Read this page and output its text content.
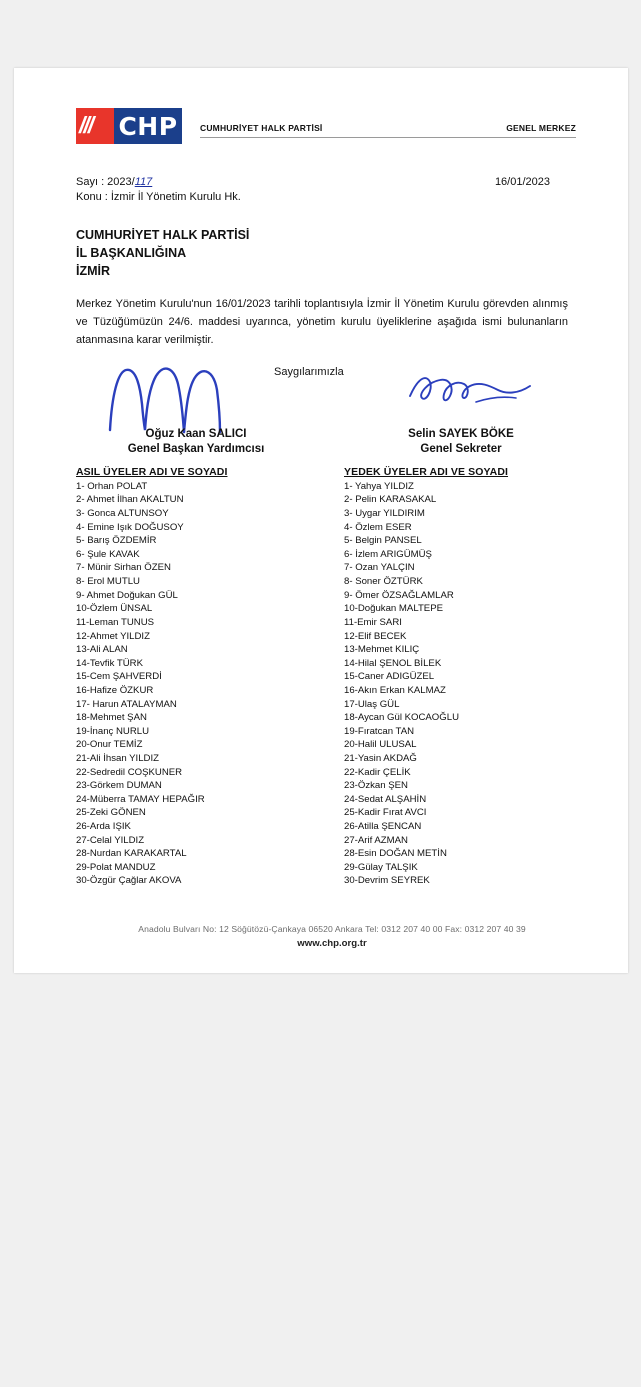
/// CHP	CUMHURİYET HALK PARTİSİ	GENEL MERKEZ
Sayı : 2023/117
Konu : İzmir İl Yönetim Kurulu Hk.
16/01/2023
CUMHURİYET HALK PARTİSİ
İL BAŞKANLIĞINA
İZMİR
Merkez Yönetim Kurulu'nun 16/01/2023 tarihli toplantısıyla İzmir İl Yönetim Kurulu görevden alınmış ve Tüzüğümüzün 24/6. maddesi uyarınca, yönetim kurulu üyeliklerine aşağıda ismi bulunanların atanmasına karar verilmiştir.
Saygılarımızla
Oğuz Kaan SALICI
Genel Başkan Yardımcısı
Selin SAYEK BÖKE
Genel Sekreter
ASIL ÜYELER ADI VE SOYADI
1- Orhan POLAT
2- Ahmet İlhan AKALTUN
3- Gonca ALTUNSOY
4- Emine Işık DOĞUSOY
5- Barış ÖZDEMİR
6- Şule KAVAK
7- Münir Sirhan ÖZEN
8- Erol MUTLU
9- Ahmet Doğukan GÜL
10-Özlem ÜNSAL
11-Leman TUNUS
12-Ahmet YILDIZ
13-Ali ALAN
14-Tevfik TÜRK
15-Cem ŞAHVERDİ
16-Hafize ÖZKUR
17- Harun ATALAYMAN
18-Mehmet ŞAN
19-İnanç NURLU
20-Onur TEMİZ
21-Ali İhsan YILDIZ
22-Sedredil COŞKUNER
23-Görkem DUMAN
24-Müberra TAMAY HEPAĞIR
25-Zeki GÖNEN
26-Arda IŞIK
27-Celal YILDIZ
28-Nurdan KARAKARTAL
29-Polat MANDUZ
30-Özgür Çağlar AKOVA
YEDEK ÜYELER ADI VE SOYADI
1- Yahya YILDIZ
2- Pelin KARASAKAL
3- Uygar YILDIRIM
4- Özlem ESER
5- Belgin PANSEL
6- İzlem ARIGÜMÜŞ
7- Ozan YALÇIN
8- Soner ÖZTÜRK
9- Ömer ÖZSAĞLAMLAR
10-Doğukan MALTEPE
11-Emir SARI
12-Elif BECEK
13-Mehmet KILIÇ
14-Hilal ŞENOL BİLEK
15-Caner ADIGÜZEL
16-Akın Erkan KALMAZ
17-Ulaş GÜL
18-Aycan Gül KOCAOĞLU
19-Fıratcan TAN
20-Halil ULUSAL
21-Yasin AKDAĞ
22-Kadir ÇELİK
23-Özkan ŞEN
24-Sedat ALŞAHİN
25-Kadir Fırat AVCI
26-Atilla ŞENCAN
27-Arif AZMAN
28-Esin DOĞAN METİN
29-Gülay TALŞIK
30-Devrim SEYREK
Anadolu Bulvarı No: 12 Söğütözü-Çankaya 06520 Ankara Tel: 0312 207 40 00 Fax: 0312 207 40 39
www.chp.org.tr
